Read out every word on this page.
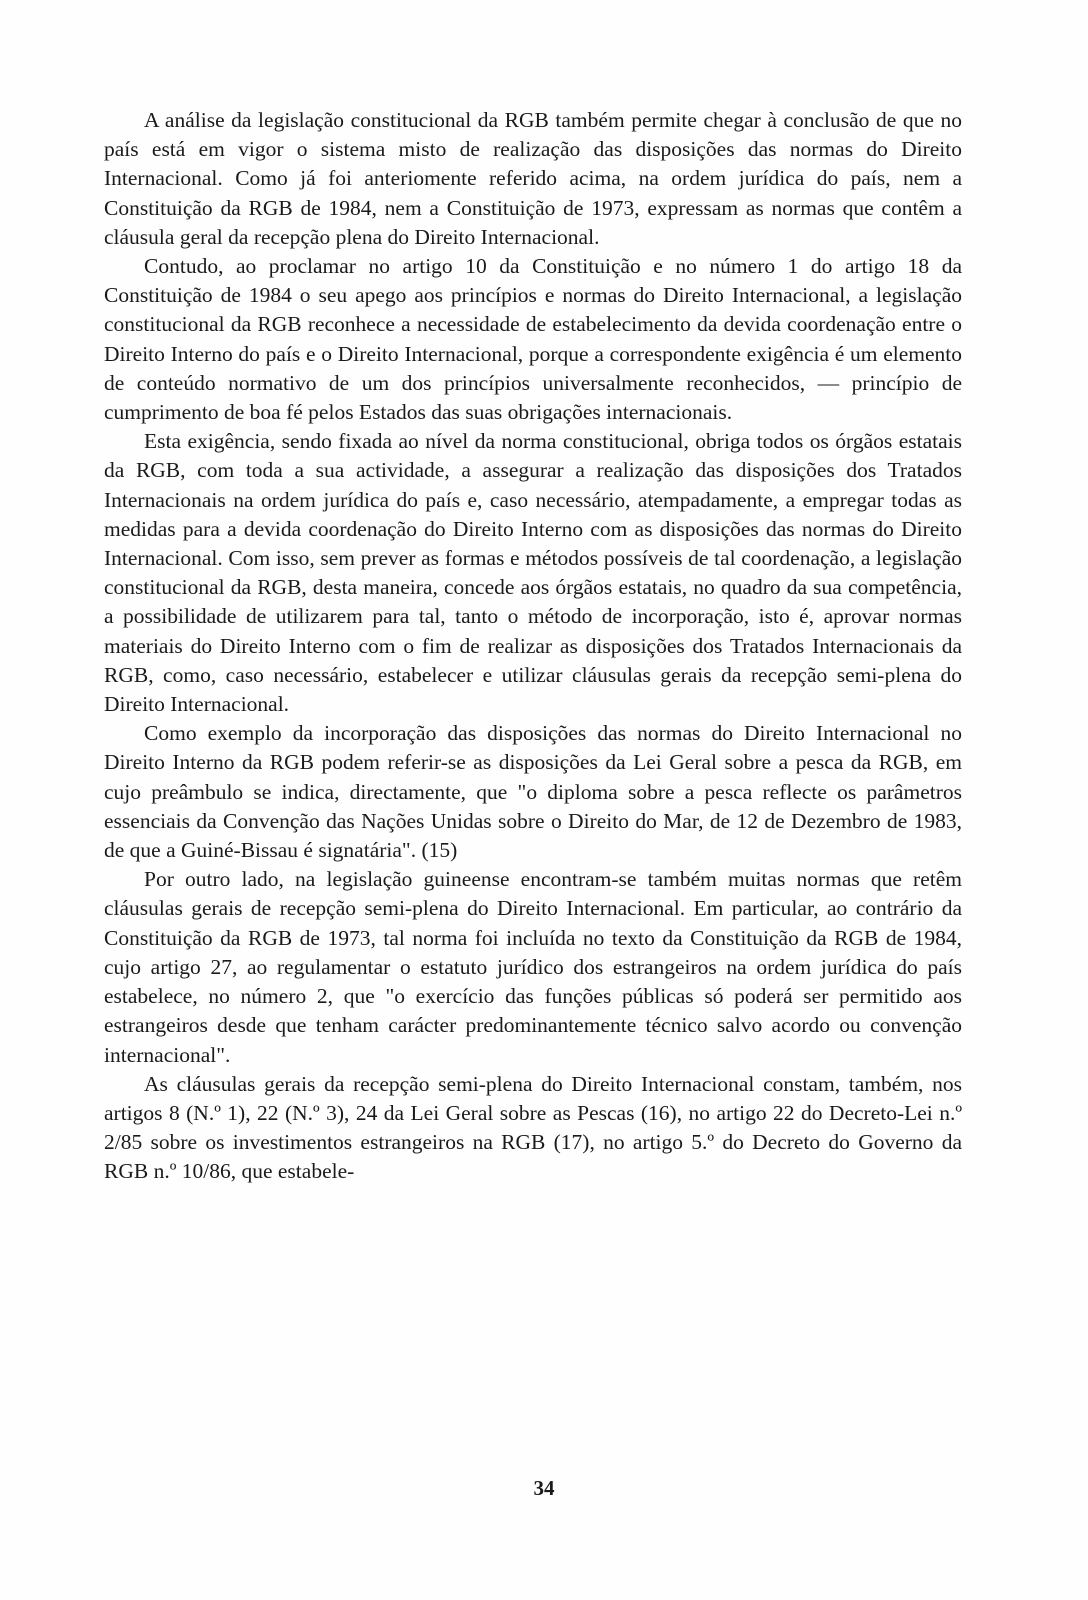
A análise da legislação constitucional da RGB também permite chegar à conclusão de que no país está em vigor o sistema misto de realização das disposições das normas do Direito Internacional. Como já foi anteriomente referido acima, na ordem jurídica do país, nem a Constituição da RGB de 1984, nem a Constituição de 1973, expressam as normas que contêm a cláusula geral da recepção plena do Direito Internacional.

Contudo, ao proclamar no artigo 10 da Constituição e no número 1 do artigo 18 da Constituição de 1984 o seu apego aos princípios e normas do Direito Internacional, a legislação constitucional da RGB reconhece a necessidade de estabelecimento da devida coordenação entre o Direito Interno do país e o Direito Internacional, porque a correspondente exigência é um elemento de conteúdo normativo de um dos princípios universalmente reconhecidos, — princípio de cumprimento de boa fé pelos Estados das suas obrigações internacionais.

Esta exigência, sendo fixada ao nível da norma constitucional, obriga todos os órgãos estatais da RGB, com toda a sua actividade, a assegurar a realização das disposições dos Tratados Internacionais na ordem jurídica do país e, caso necessário, atempadamente, a empregar todas as medidas para a devida coordenação do Direito Interno com as disposições das normas do Direito Internacional. Com isso, sem prever as formas e métodos possíveis de tal coordenação, a legislação constitucional da RGB, desta maneira, concede aos órgãos estatais, no quadro da sua competência, a possibilidade de utilizarem para tal, tanto o método de incorporação, isto é, aprovar normas materiais do Direito Interno com o fim de realizar as disposições dos Tratados Internacionais da RGB, como, caso necessário, estabelecer e utilizar cláusulas gerais da recepção semi-plena do Direito Internacional.

Como exemplo da incorporação das disposições das normas do Direito Internacional no Direito Interno da RGB podem referir-se as disposições da Lei Geral sobre a pesca da RGB, em cujo preâmbulo se indica, directamente, que "o diploma sobre a pesca reflecte os parâmetros essenciais da Convenção das Nações Unidas sobre o Direito do Mar, de 12 de Dezembro de 1983, de que a Guiné-Bissau é signatária". (15)

Por outro lado, na legislação guineense encontram-se também muitas normas que retêm cláusulas gerais de recepção semi-plena do Direito Internacional. Em particular, ao contrário da Constituição da RGB de 1973, tal norma foi incluída no texto da Constituição da RGB de 1984, cujo artigo 27, ao regulamentar o estatuto jurídico dos estrangeiros na ordem jurídica do país estabelece, no número 2, que "o exercício das funções públicas só poderá ser permitido aos estrangeiros desde que tenham carácter predominantemente técnico salvo acordo ou convenção internacional".

As cláusulas gerais da recepção semi-plena do Direito Internacional constam, também, nos artigos 8 (N.º 1), 22 (N.º 3), 24 da Lei Geral sobre as Pescas (16), no artigo 22 do Decreto-Lei n.º 2/85 sobre os investimentos estrangeiros na RGB (17), no artigo 5.º do Decreto do Governo da RGB n.º 10/86, que estabele-

34
